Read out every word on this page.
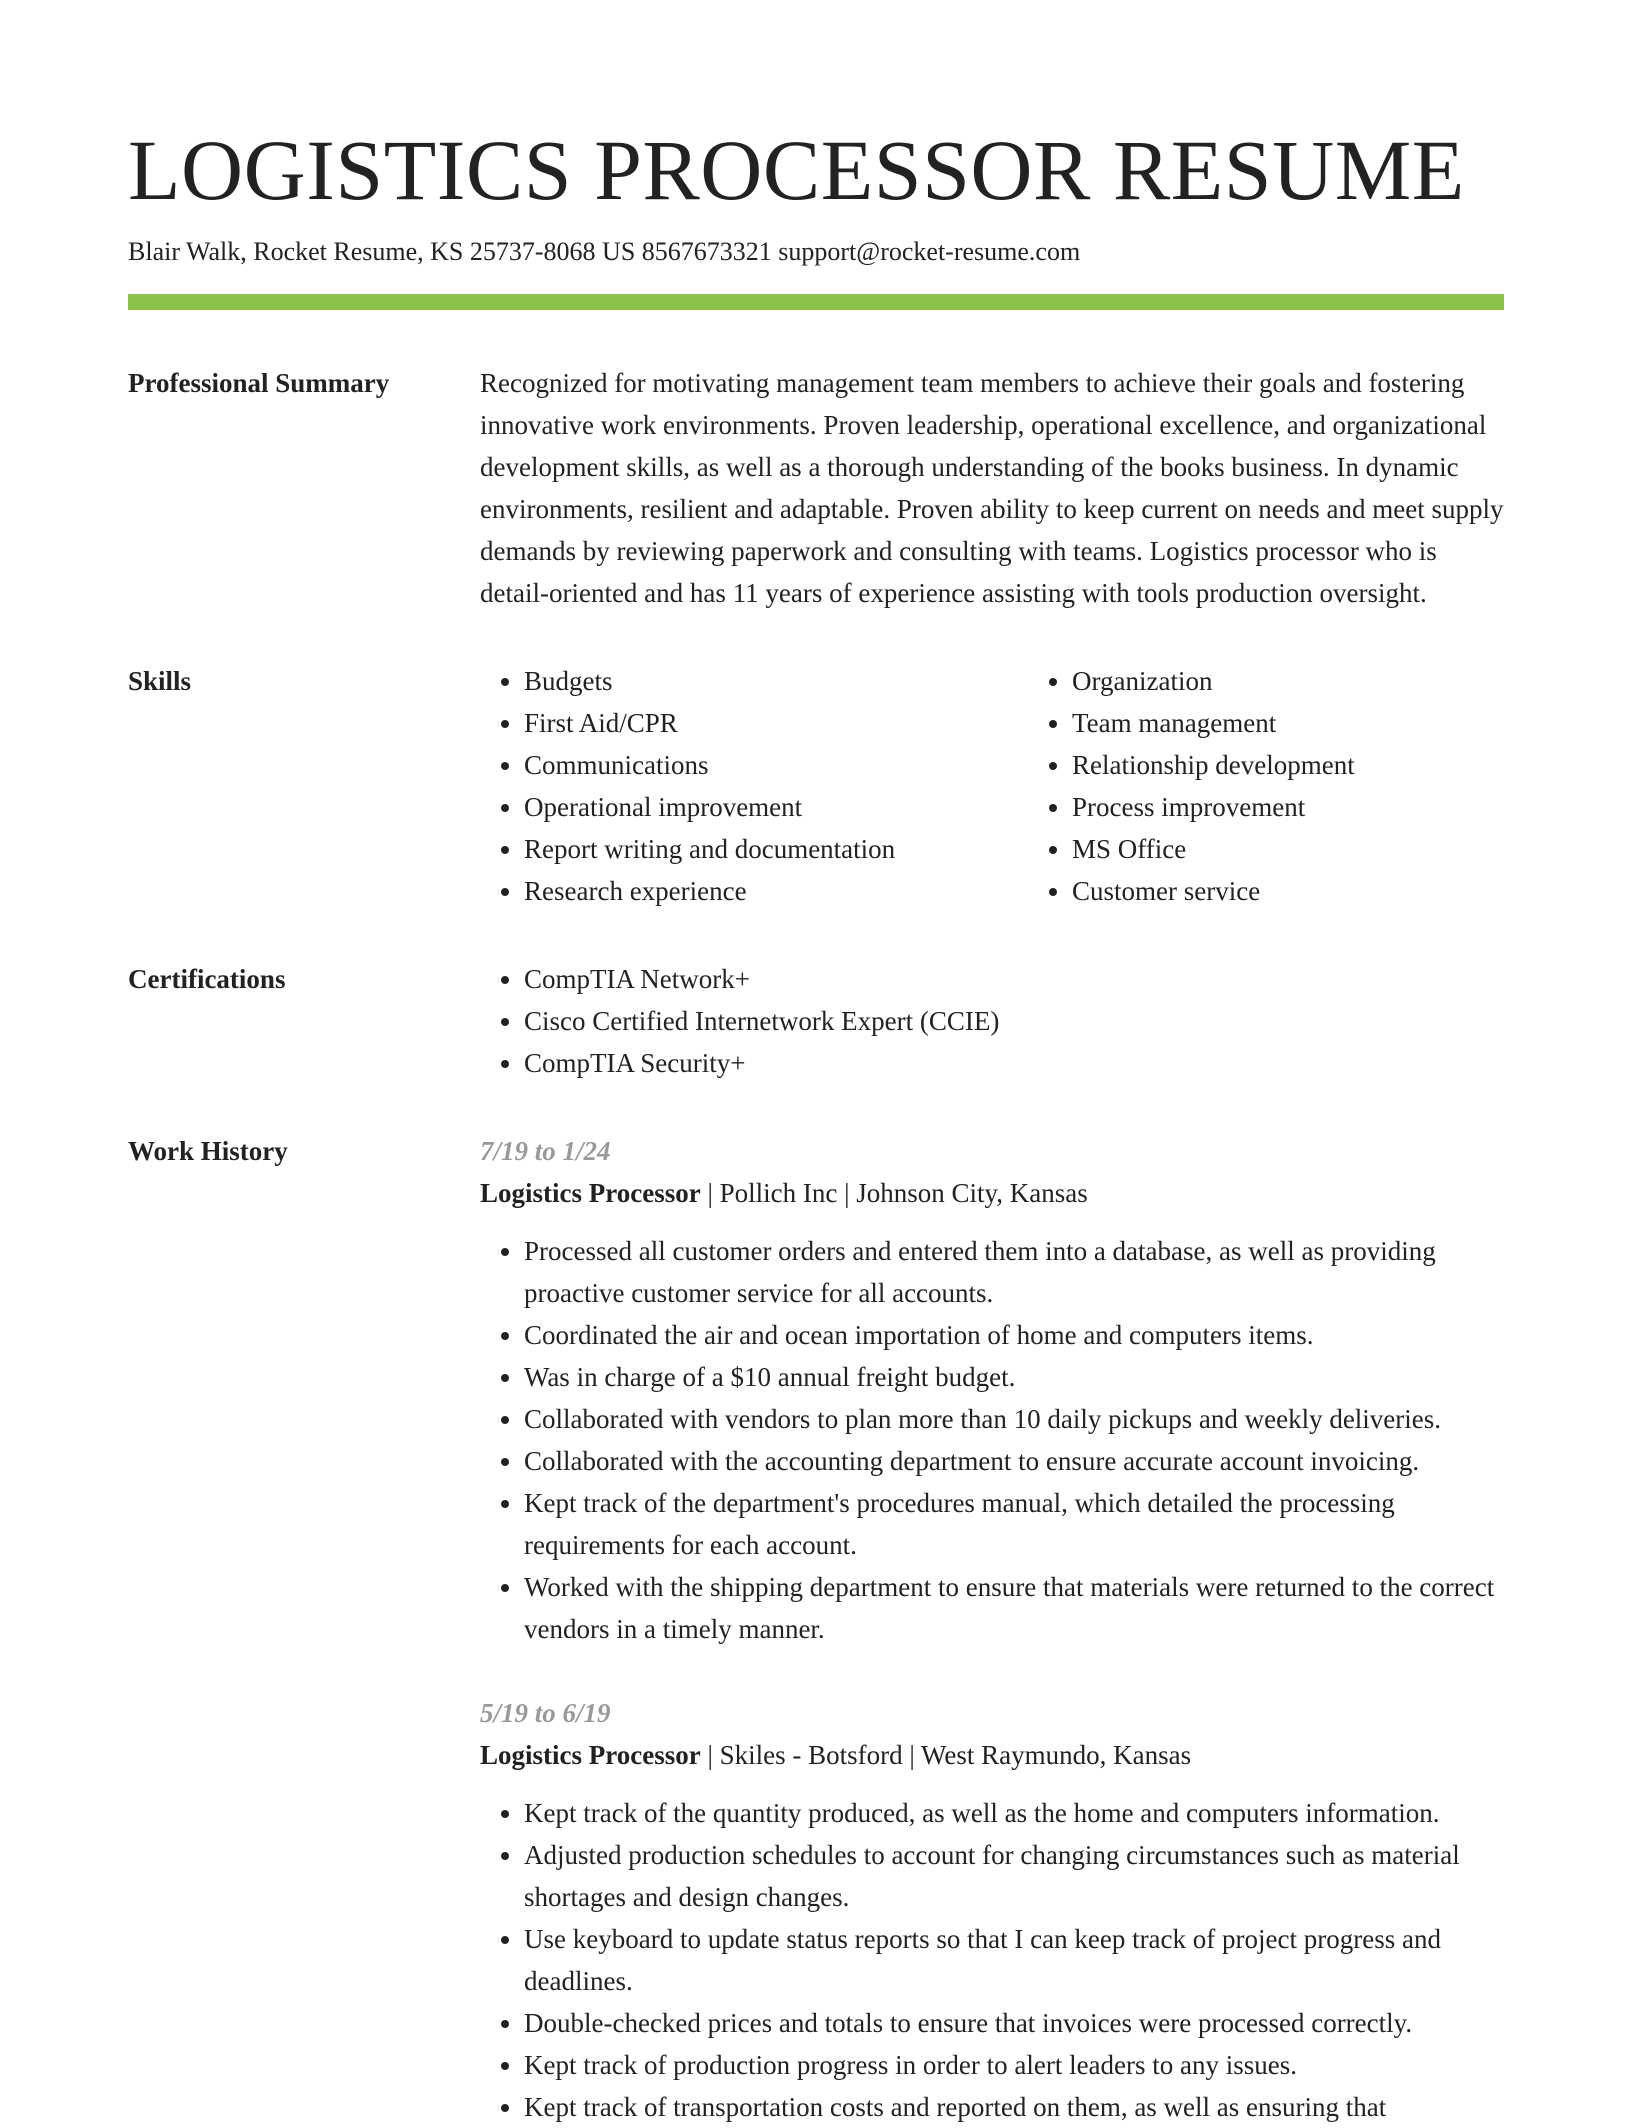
LOGISTICS PROCESSOR RESUME
Blair Walk, Rocket Resume, KS 25737-8068 US 8567673321 support@rocket-resume.com
Professional Summary	Recognized for motivating management team members to achieve their goals and fostering innovative work environments. Proven leadership, operational excellence, and organizational development skills, as well as a thorough understanding of the books business. In dynamic environments, resilient and adaptable. Proven ability to keep current on needs and meet supply demands by reviewing paperwork and consulting with teams. Logistics processor who is detail-oriented and has 11 years of experience assisting with tools production oversight.

Skills	• Budgets
• First Aid/CPR
• Communications
• Operational improvement
• Report writing and documentation
• Research experience
• Organization
• Team management
• Relationship development
• Process improvement
• MS Office
• Customer service
Certifications	• CompTIA Network+
• Cisco Certified Internetwork Expert (CCIE)
• CompTIA Security+
Work History	7/19 to 1/24
Logistics Processor | Pollich Inc | Johnson City, Kansas
• Processed all customer orders and entered them into a database, as well as providing proactive customer service for all accounts.
• Coordinated the air and ocean importation of home and computers items.
• Was in charge of a $10 annual freight budget.
• Collaborated with vendors to plan more than 10 daily pickups and weekly deliveries.
• Collaborated with the accounting department to ensure accurate account invoicing.
• Kept track of the department's procedures manual, which detailed the processing requirements for each account.
• Worked with the shipping department to ensure that materials were returned to the correct vendors in a timely manner.
5/19 to 6/19
Logistics Processor | Skiles - Botsford | West Raymundo, Kansas
• Kept track of the quantity produced, as well as the home and computers information.
• Adjusted production schedules to account for changing circumstances such as material shortages and design changes.
• Use keyboard to update status reports so that I can keep track of project progress and deadlines.
• Double-checked prices and totals to ensure that invoices were processed correctly.
• Kept track of production progress in order to alert leaders to any issues.
• Kept track of transportation costs and reported on them, as well as ensuring that
